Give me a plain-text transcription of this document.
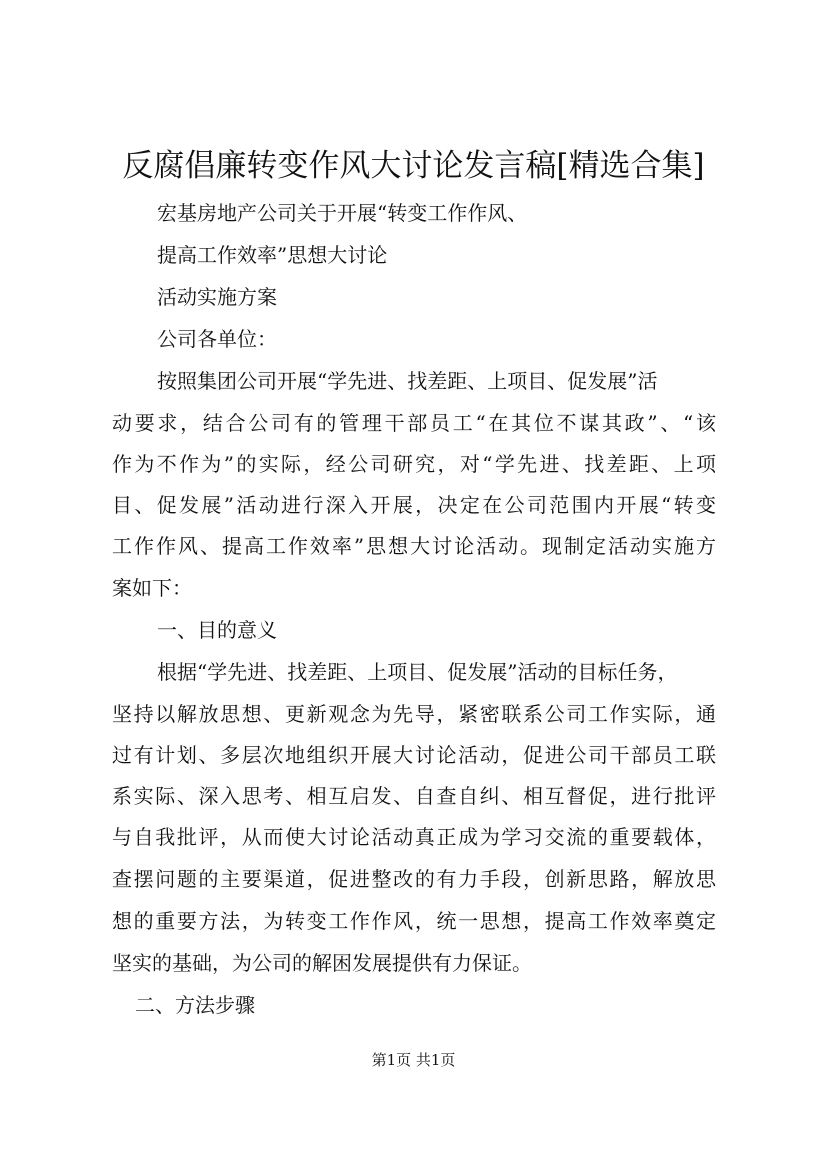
反腐倡廉转变作风大讨论发言稿[精选合集]
宏基房地产公司关于开展“转变工作作风、
提高工作效率”思想大讨论
活动实施方案
公司各单位：
按照集团公司开展“学先进、找差距、上项目、促发展”活
动要求，结合公司有的管理干部员工“在其位不谋其政”、“该
作为不作为”的实际，经公司研究，对“学先进、找差距、上项
目、促发展”活动进行深入开展，决定在公司范围内开展“转变
工作作风、提高工作效率”思想大讨论活动。现制定活动实施方
案如下：
一、目的意义
根据“学先进、找差距、上项目、促发展”活动的目标任务，
坚持以解放思想、更新观念为先导，紧密联系公司工作实际，通
过有计划、多层次地组织开展大讨论活动，促进公司干部员工联
系实际、深入思考、相互启发、自查自纠、相互督促，进行批评
与自我批评，从而使大讨论活动真正成为学习交流的重要载体，
查摆问题的主要渠道，促进整改的有力手段，创新思路，解放思
想的重要方法，为转变工作作风，统一思想，提高工作效率奠定
坚实的基础，为公司的解困发展提供有力保证。
二、方法步骤
第1页 共1页
